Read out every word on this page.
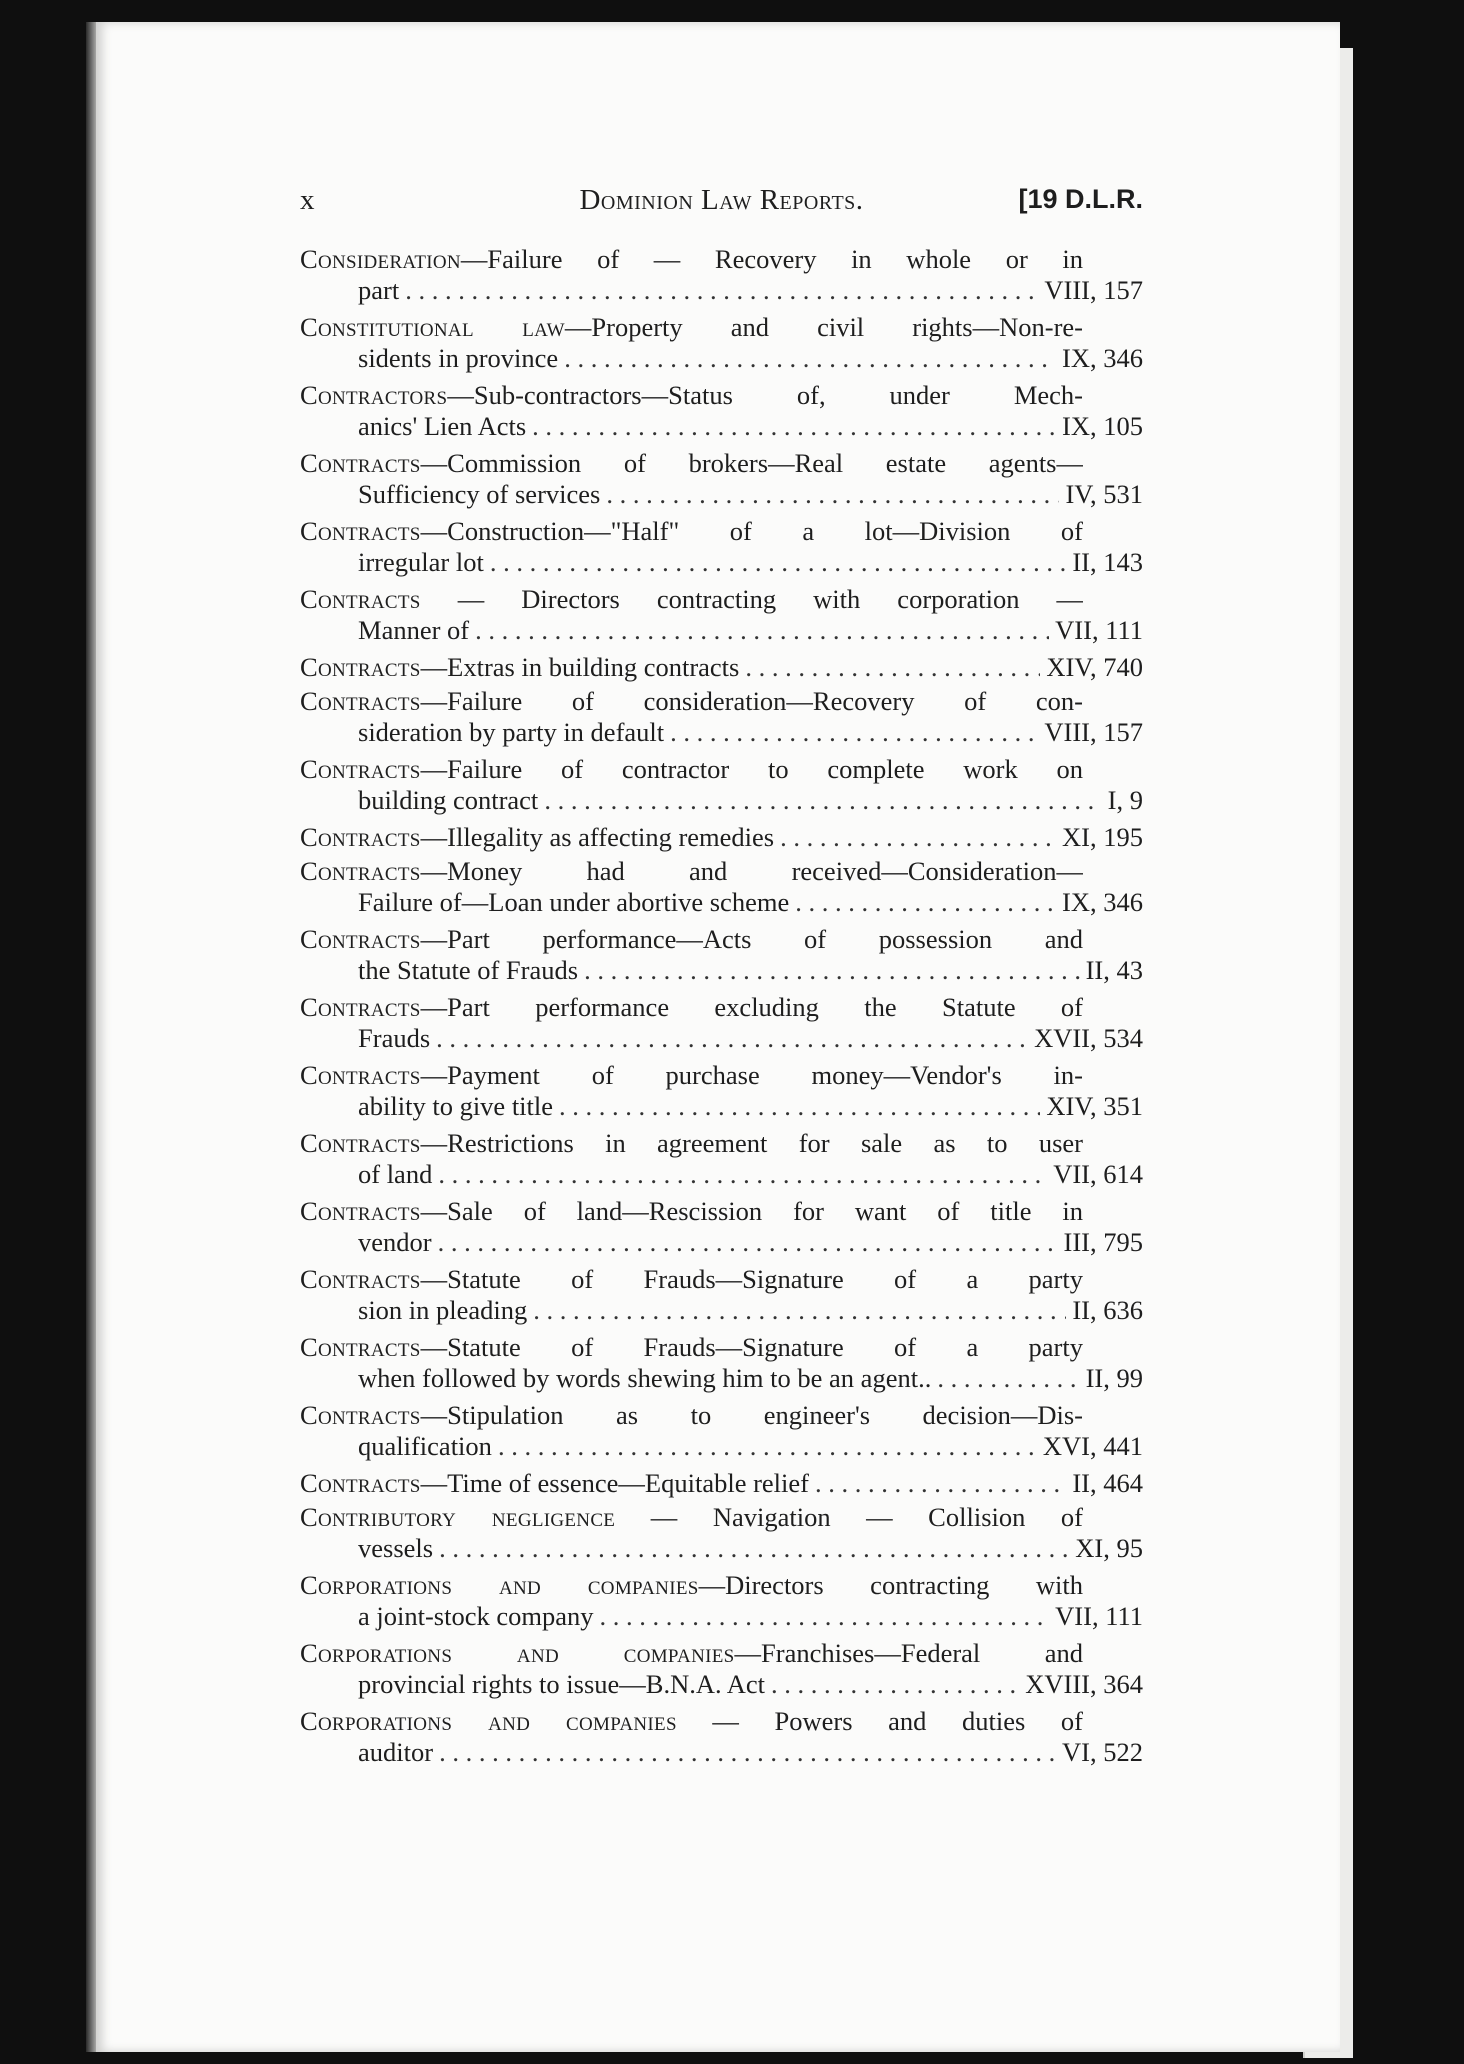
x	Dominion Law Reports.	[19 D.L.R.
Consideration—Failure of — Recovery in whole or in
part . . .	VIII, 157
Constitutional law—Property and civil rights—Non-re-
sidents in province . . .	IX, 346
Contractors—Sub-contractors—Status of, under Mech-
anics' Lien Acts . . .	IX, 105
Contracts—Commission of brokers—Real estate agents—
Sufficiency of services . . .	IV, 531
Contracts—Construction—"Half" of a lot—Division of
irregular lot . . .	II, 143
Contracts — Directors contracting with corporation —
Manner of . . .	VII, 111
Contracts —Extras in building contracts . . .	XIV, 740
Contracts—Failure of consideration—Recovery of con-
sideration by party in default . . .	VIII, 157
Contracts—Failure of contractor to complete work on
building contract . . .	I, 9
Contracts —Illegality as affecting remedies . . .	XI, 195
Contracts—Money had and received—Consideration—
Failure of—Loan under abortive scheme . . .	IX, 346
Contracts—Part performance—Acts of possession and
the Statute of Frauds . . .	II, 43
Contracts—Part performance excluding the Statute of
Frauds . . .	XVII, 534
Contracts—Payment of purchase money—Vendor's in-
ability to give title . . .	XIV, 351
Contracts—Restrictions in agreement for sale as to user
of land . . .	VII, 614
Contracts—Sale of land—Rescission for want of title in
vendor . . .	III, 795
Contracts—Statute of Frauds—Signature of a party
sion in pleading . . .	II, 636
Contracts—Statute of Frauds—Signature of a party
when followed by words shewing him to be an agent.. . . .	II, 99
Contracts—Stipulation as to engineer's decision—Dis-
qualification . . .	XVI, 441
Contracts —Time of essence—Equitable relief . . .	II, 464
Contributory negligence — Navigation — Collision of
vessels . . .	XI, 95
Corporations and companies—Directors contracting with
a joint-stock company . . .	VII, 111
Corporations and companies—Franchises—Federal and
provincial rights to issue—B.N.A. Act . . .	XVIII, 364
Corporations and companies — Powers and duties of
auditor . . .	VI, 522
